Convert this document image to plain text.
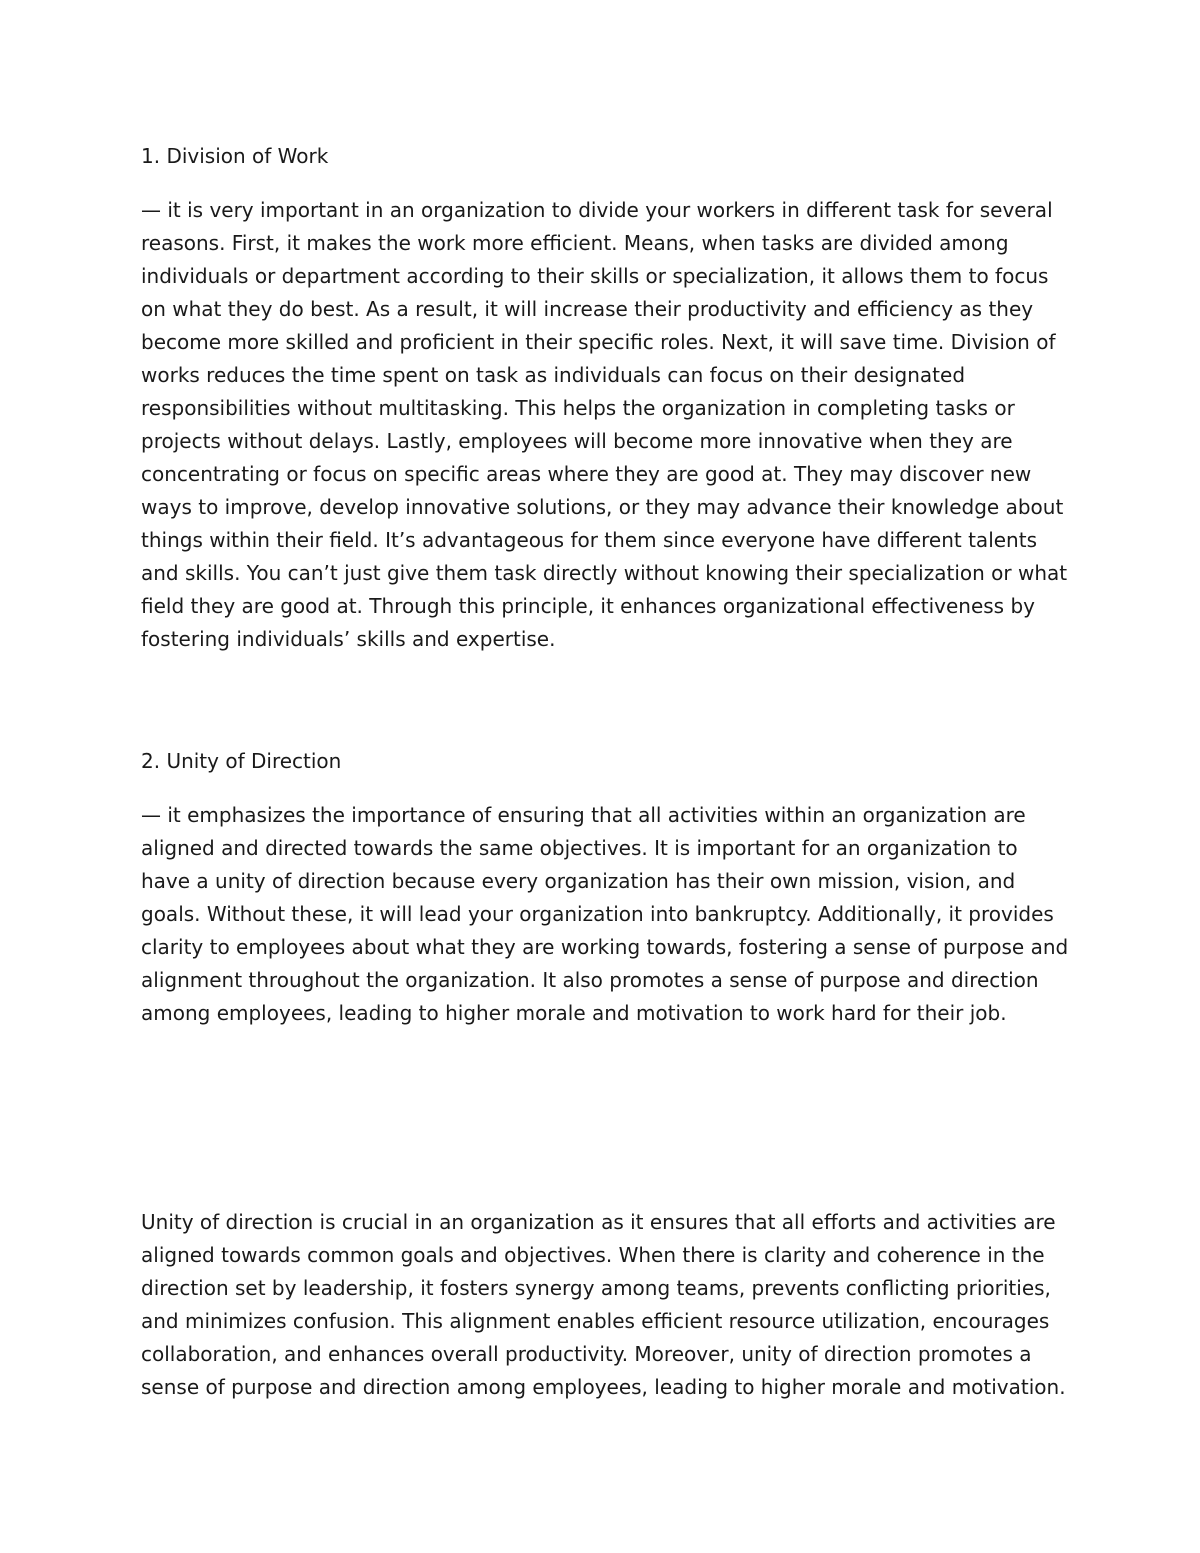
1. Division of Work

— it is very important in an organization to divide your workers in different task for several reasons. First, it makes the work more efficient. Means, when tasks are divided among individuals or department according to their skills or specialization, it allows them to focus on what they do best. As a result, it will increase their productivity and efficiency as they become more skilled and proficient in their specific roles. Next, it will save time. Division of works reduces the time spent on task as individuals can focus on their designated responsibilities without multitasking. This helps the organization in completing tasks or projects without delays. Lastly, employees will become more innovative when they are concentrating or focus on specific areas where they are good at. They may discover new ways to improve, develop innovative solutions, or they may advance their knowledge about things within their field. It’s advantageous for them since everyone have different talents and skills. You can’t just give them task directly without knowing their specialization or what field they are good at. Through this principle, it enhances organizational effectiveness by fostering individuals’ skills and expertise.

2. Unity of Direction

— it emphasizes the importance of ensuring that all activities within an organization are aligned and directed towards the same objectives. It is important for an organization to have a unity of direction because every organization has their own mission, vision, and goals. Without these, it will lead your organization into bankruptcy. Additionally, it provides clarity to employees about what they are working towards, fostering a sense of purpose and alignment throughout the organization. It also promotes a sense of purpose and direction among employees, leading to higher morale and motivation to work hard for their job.

Unity of direction is crucial in an organization as it ensures that all efforts and activities are aligned towards common goals and objectives. When there is clarity and coherence in the direction set by leadership, it fosters synergy among teams, prevents conflicting priorities, and minimizes confusion. This alignment enables efficient resource utilization, encourages collaboration, and enhances overall productivity. Moreover, unity of direction promotes a sense of purpose and direction among employees, leading to higher morale and motivation.
